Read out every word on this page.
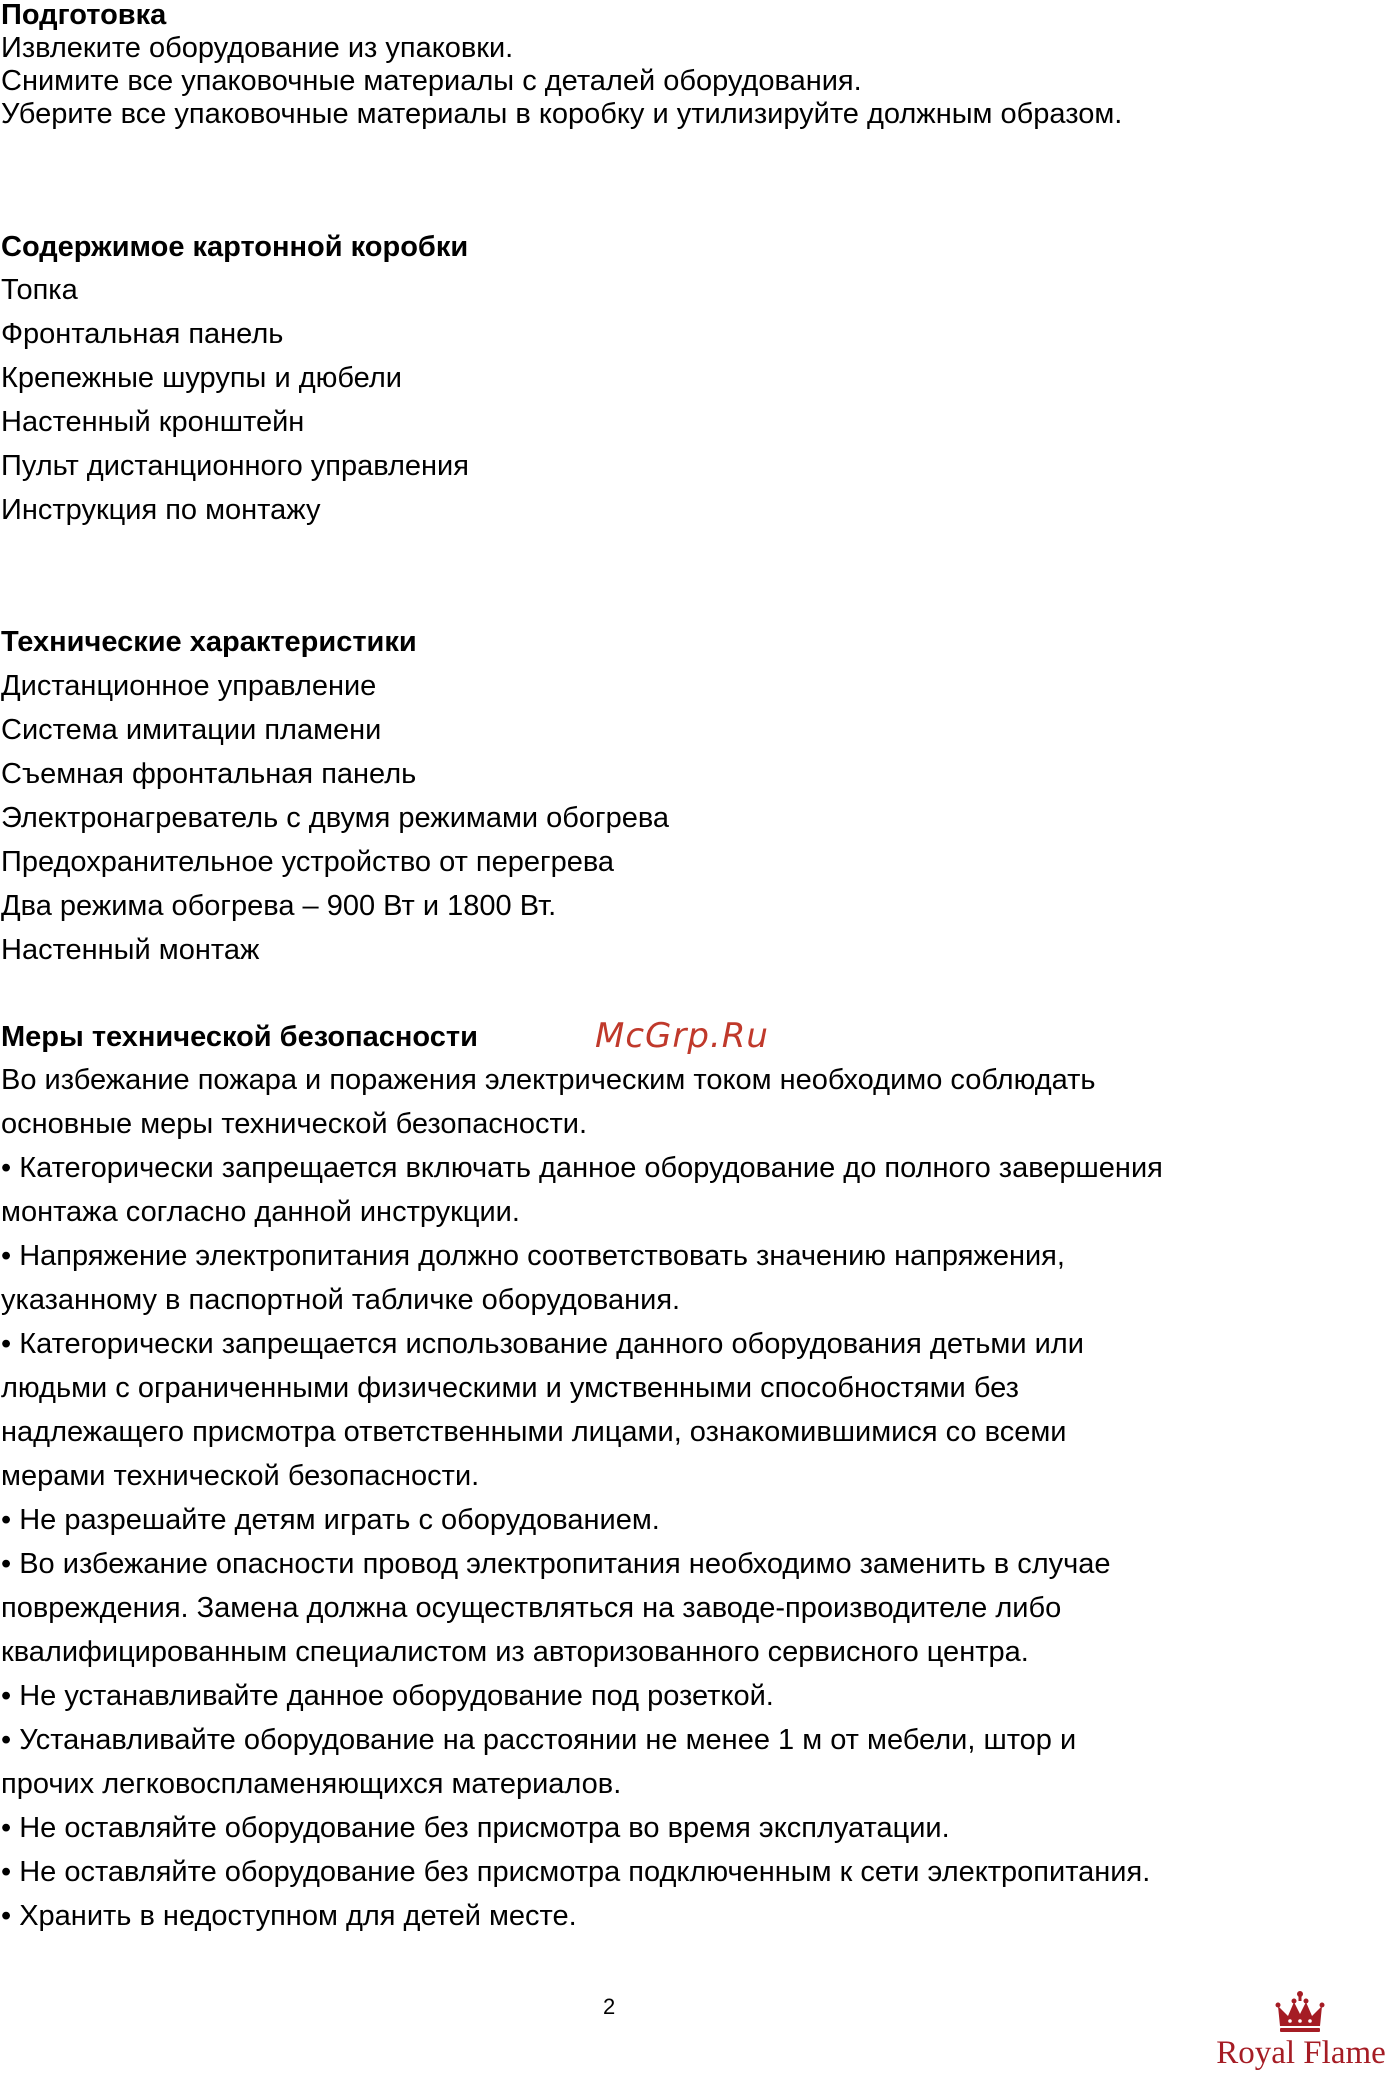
Подготовка

Извлеките оборудование из упаковки.

Снимите все упаковочные материалы с деталей оборудования.

Уберите все упаковочные материалы в коробку и утилизируйте должным образом.

Содержимое картонной коробки

Топка

Фронтальная панель

Крепежные шурупы и дюбели

Настенный кронштейн

Пульт дистанционного управления

Инструкция по монтажу

Технические характеристики

Дистанционное управление

Система имитации пламени

Съемная фронтальная панель

Электронагреватель с двумя режимами обогрева

Предохранительное устройство от перегрева

Два режима обогрева – 900 Вт и 1800 Вт.

Настенный монтаж

Меры технической безопасности	McGrp.Ru

Во избежание пожара и поражения электрическим током необходимо соблюдать

основные меры технической безопасности.

• Категорически запрещается включать данное оборудование до полного завершения

монтажа согласно данной инструкции.

• Напряжение электропитания должно соответствовать значению напряжения,

указанному в паспортной табличке оборудования.

• Категорически запрещается использование данного оборудования детьми или

людьми с ограниченными физическими и умственными способностями без

надлежащего присмотра ответственными лицами, ознакомившимися со всеми

мерами технической безопасности.

• Не разрешайте детям играть с оборудованием.

• Во избежание опасности провод электропитания необходимо заменить в случае

повреждения. Замена должна осуществляться на заводе-производителе либо

квалифицированным специалистом из авторизованного сервисного центра.

• Не устанавливайте данное оборудование под розеткой.

• Устанавливайте оборудование на расстоянии не менее 1 м от мебели, штор и

прочих легковоспламеняющихся материалов.

• Не оставляйте оборудование без присмотра во время эксплуатации.

• Не оставляйте оборудование без присмотра подключенным к сети электропитания.

• Хранить в недоступном для детей месте.

2

Royal Flame
